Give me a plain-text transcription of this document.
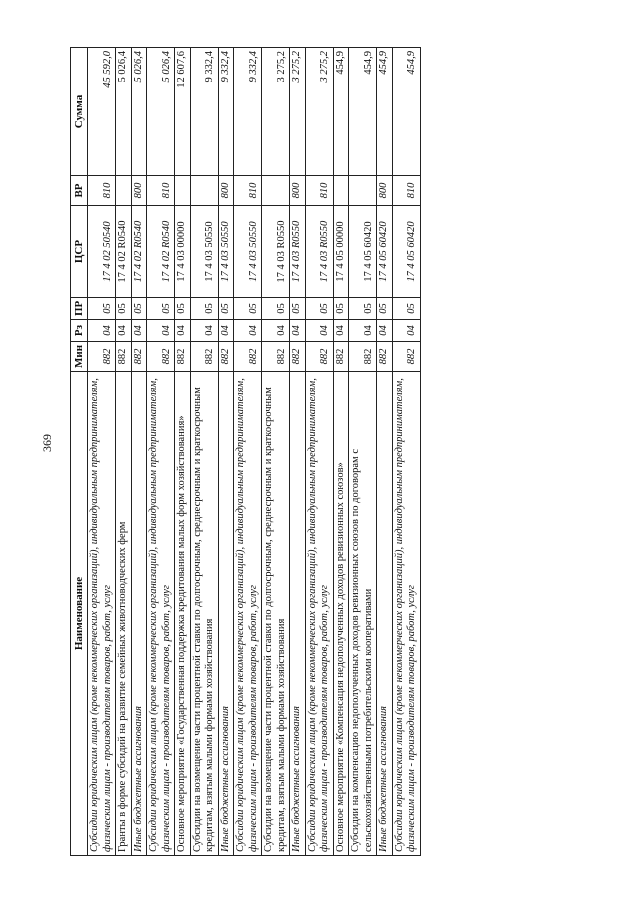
369
Наименование	Мин	Рз	ПР	ЦСР	ВР	Сумма
Субсидии юридическим лицам (кроме некоммерческих организаций), индивидуальным предпринимателям, физическим лицам - производителям товаров, работ, услуг	882	04	05	17 4 02 50540	810	45 592,0
Гранты в форме субсидий на развитие семейных животноводческих ферм	882	04	05	17 4 02 R0540		5 026,4
Иные бюджетные ассигнования	882	04	05	17 4 02 R0540	800	5 026,4
Субсидии юридическим лицам (кроме некоммерческих организаций), индивидуальным предпринимателям, физическим лицам - производителям товаров, работ, услуг	882	04	05	17 4 02 R0540	810	5 026,4
Основное мероприятие «Государственная поддержка кредитования малых форм хозяйствования»	882	04	05	17 4 03 00000		12 607,6
Субсидии на возмещение части процентной ставки по долгосрочным, среднесрочным и краткосрочным кредитам, взятым малыми формами хозяйствования	882	04	05	17 4 03 50550		9 332,4
Иные бюджетные ассигнования	882	04	05	17 4 03 50550	800	9 332,4
Субсидии юридическим лицам (кроме некоммерческих организаций), индивидуальным предпринимателям, физическим лицам - производителям товаров, работ, услуг	882	04	05	17 4 03 50550	810	9 332,4
Субсидии на возмещение части процентной ставки по долгосрочным, среднесрочным и краткосрочным кредитам, взятым малыми формами хозяйствования	882	04	05	17 4 03 R0550		3 275,2
Иные бюджетные ассигнования	882	04	05	17 4 03 R0550	800	3 275,2
Субсидии юридическим лицам (кроме некоммерческих организаций), индивидуальным предпринимателям, физическим лицам - производителям товаров, работ, услуг	882	04	05	17 4 03 R0550	810	3 275,2
Основное мероприятие «Компенсация недополученных доходов ревизионных союзов»	882	04	05	17 4 05 00000		454,9
Субсидии на компенсацию недополученных доходов ревизионных союзов по договорам с сельскохозяйственными потребительскими кооперативами	882	04	05	17 4 05 60420		454,9
Иные бюджетные ассигнования	882	04	05	17 4 05 60420	800	454,9
Субсидии юридическим лицам (кроме некоммерческих организаций), индивидуальным предпринимателям, физическим лицам - производителям товаров, работ, услуг	882	04	05	17 4 05 60420	810	454,9
